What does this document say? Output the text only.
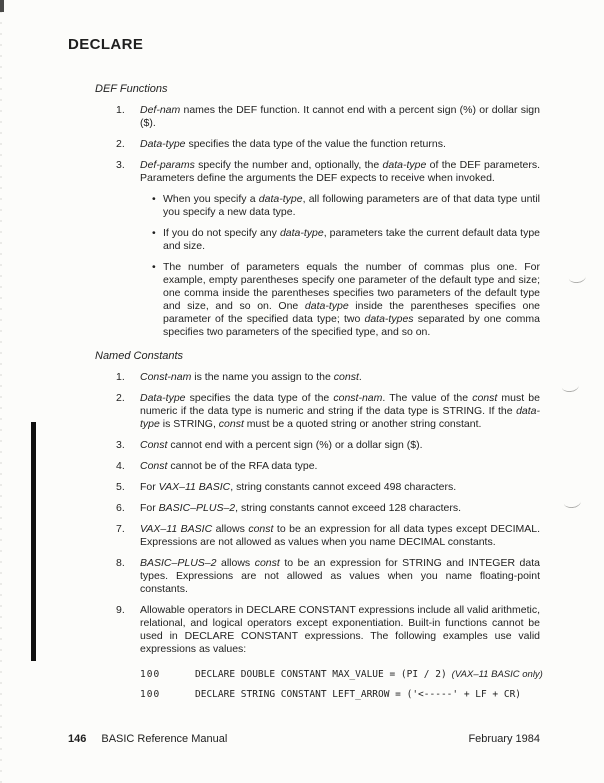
DECLARE
DEF Functions
1.	Def-nam names the DEF function. It cannot end with a percent sign (%) or dollar sign ($).
2.	Data-type specifies the data type of the value the function returns.
3.	Def-params specify the number and, optionally, the data-type of the DEF parameters. Parameters define the arguments the DEF expects to receive when invoked.
• When you specify a data-type, all following parameters are of that data type until you specify a new data type.
• If you do not specify any data-type, parameters take the current default data type and size.
• The number of parameters equals the number of commas plus one. For example, empty parentheses specify one parameter of the default type and size; one comma inside the parentheses specifies two parameters of the default type and size, and so on. One data-type inside the parentheses specifies one parameter of the specified data type; two data-types separated by one comma specifies two parameters of the specified type, and so on.
Named Constants
1.	Const-nam is the name you assign to the const.
2.	Data-type specifies the data type of the const-nam. The value of the const must be numeric if the data type is numeric and string if the data type is STRING. If the data-type is STRING, const must be a quoted string or another string constant.
3.	Const cannot end with a percent sign (%) or a dollar sign ($).
4.	Const cannot be of the RFA data type.
5.	For VAX–11 BASIC, string constants cannot exceed 498 characters.
6.	For BASIC–PLUS–2, string constants cannot exceed 128 characters.
7.	VAX–11 BASIC allows const to be an expression for all data types except DECIMAL. Expressions are not allowed as values when you name DECIMAL constants.
8.	BASIC–PLUS–2 allows const to be an expression for STRING and INTEGER data types. Expressions are not allowed as values when you name floating-point constants.
9.	Allowable operators in DECLARE CONSTANT expressions include all valid arithmetic, relational, and logical operators except exponentiation. Built-in functions cannot be used in DECLARE CONSTANT expressions. The following examples use valid expressions as values:
100	DECLARE DOUBLE CONSTANT MAX_VALUE = (PI / 2) (VAX–11 BASIC only)
100	DECLARE STRING CONSTANT LEFT_ARROW = ('<-----' + LF + CR)
146 BASIC Reference Manual	February 1984
